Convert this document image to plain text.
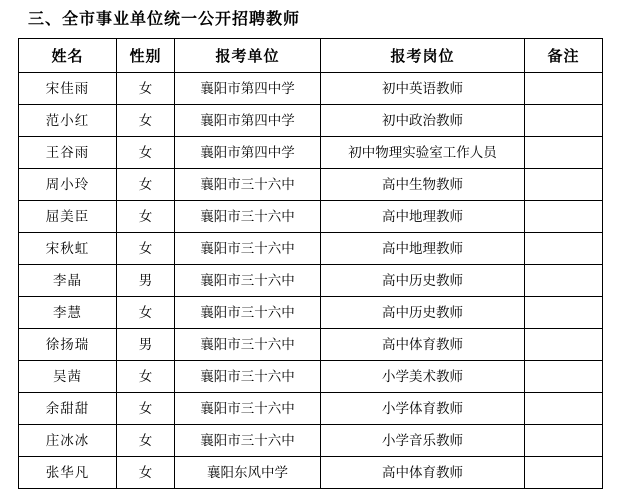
三、全市事业单位统一公开招聘教师
姓名	性别	报考单位	报考岗位	备注
宋佳雨	女	襄阳市第四中学	初中英语教师	
范小红	女	襄阳市第四中学	初中政治教师	
王谷雨	女	襄阳市第四中学	初中物理实验室工作人员	
周小玲	女	襄阳市三十六中	高中生物教师	
屈美臣	女	襄阳市三十六中	高中地理教师	
宋秋虹	女	襄阳市三十六中	高中地理教师	
李晶	男	襄阳市三十六中	高中历史教师	
李慧	女	襄阳市三十六中	高中历史教师	
徐扬瑞	男	襄阳市三十六中	高中体育教师	
吴茜	女	襄阳市三十六中	小学美术教师	
余甜甜	女	襄阳市三十六中	小学体育教师	
庄冰冰	女	襄阳市三十六中	小学音乐教师	
张华凡	女	襄阳东风中学	高中体育教师	
